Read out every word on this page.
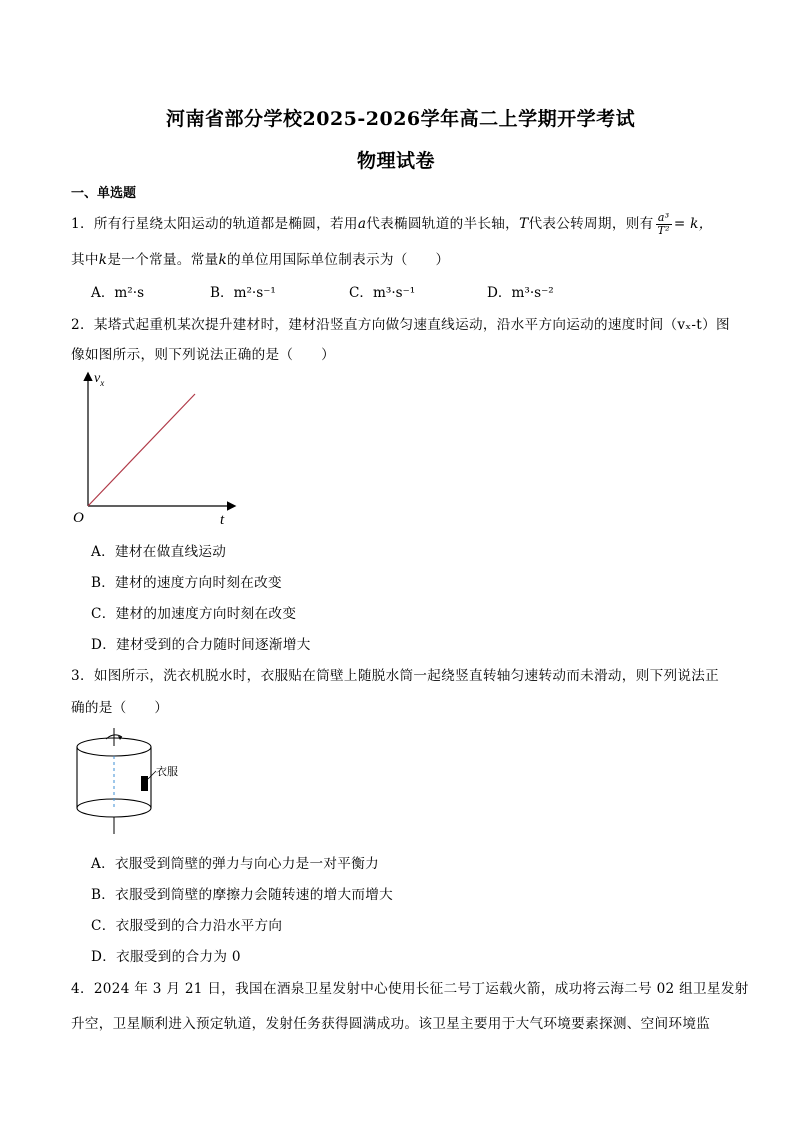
河南省部分学校2025-2026学年高二上学期开学考试
物理试卷
一、单选题
1．所有行星绕太阳运动的轨道都是椭圆，若用a代表椭圆轨道的半长轴，T代表公转周期，则有 $\frac{\text{a³}}{\text{T²}} = k$，
其中k是一个常量。常量k的单位用国际单位制表示为（　　）
A．m²·s	B．m²·s⁻¹	C．m³·s⁻¹	D．m³·s⁻²
2．某塔式起重机某次提升建材时，建材沿竖直方向做匀速直线运动，沿水平方向运动的速度时间（vₓ-t）图
像如图所示，则下列说法正确的是（　　）
$v_x$
t
O
A．建材在做直线运动
B．建材的速度方向时刻在改变
C．建材的加速度方向时刻在改变
D．建材受到的合力随时间逐渐增大
3．如图所示，洗衣机脱水时，衣服贴在筒壁上随脱水筒一起绕竖直转轴匀速转动而未滑动，则下列说法正
确的是（　　）
衣服
A．衣服受到筒壁的弹力与向心力是一对平衡力
B．衣服受到筒壁的摩擦力会随转速的增大而增大
C．衣服受到的合力沿水平方向
D．衣服受到的合力为 0
4．2024 年 3 月 21 日，我国在酒泉卫星发射中心使用长征二号丁运载火箭，成功将云海二号 02 组卫星发射
升空，卫星顺利进入预定轨道，发射任务获得圆满成功。该卫星主要用于大气环境要素探测、空间环境监
